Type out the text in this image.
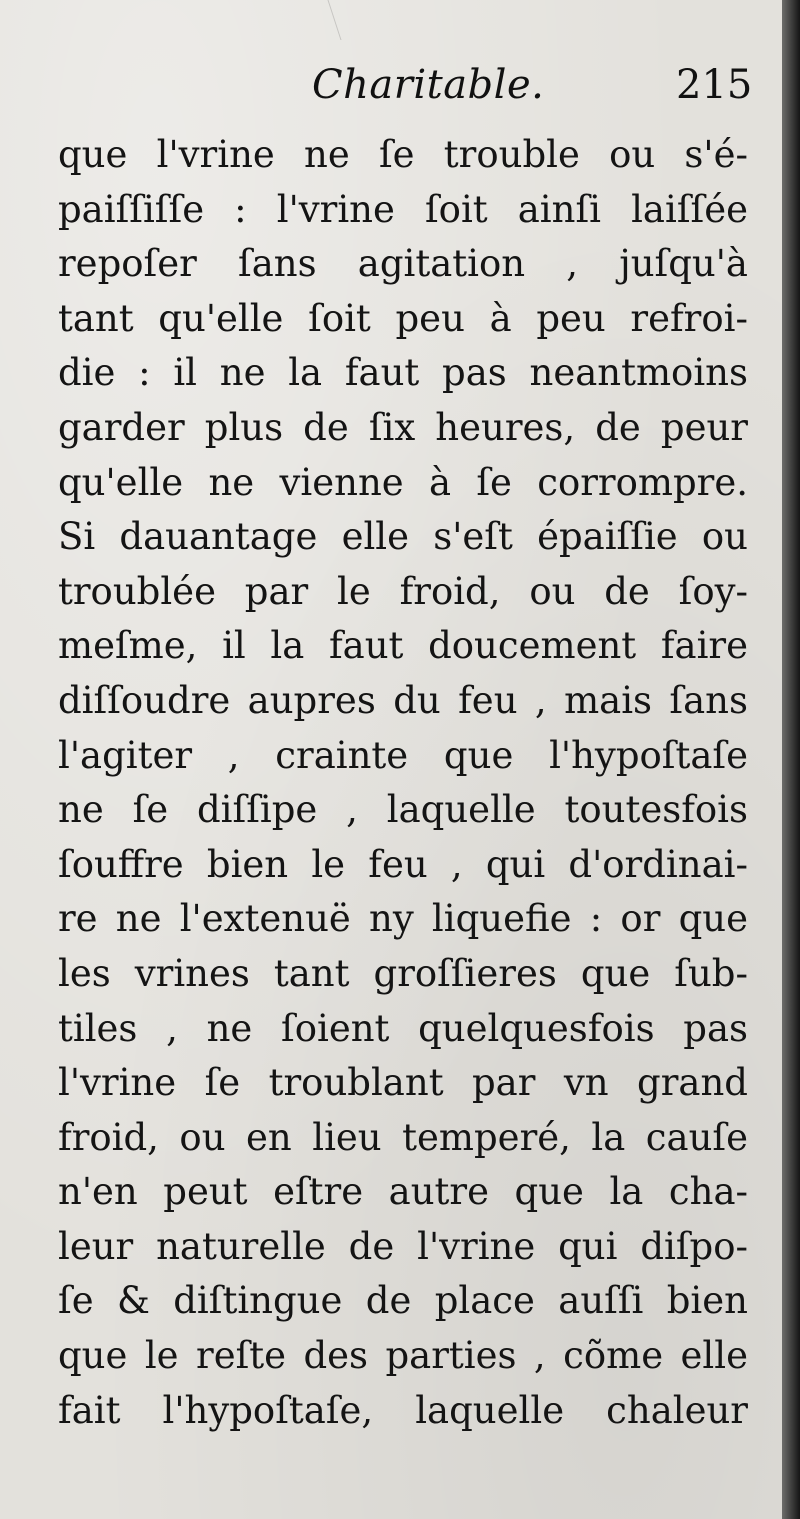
Charitable.	215
que l'vrine ne ſe trouble ou s'é-
paiſſiſſe : l'vrine ſoit ainſi laiſſée
repoſer ſans agitation , juſqu'à
tant qu'elle ſoit peu à peu refroi-
die : il ne la faut pas neantmoins
garder plus de ſix heures, de peur
qu'elle ne vienne à ſe corrompre.
Si dauantage elle s'eſt épaiſſie ou
troublée par le froid, ou de ſoy-
meſme, il la faut doucement faire
diſſoudre aupres du feu , mais ſans
l'agiter , crainte que l'hypoſtaſe
ne ſe diſſipe , laquelle toutesfois
ſouffre bien le feu , qui d'ordinai-
re ne l'extenuë ny liquefie : or que
les vrines tant groſſieres que ſub-
tiles , ne ſoient quelquesfois pas
l'vrine ſe troublant par vn grand
froid, ou en lieu temperé, la cauſe
n'en peut eſtre autre que la cha-
leur naturelle de l'vrine qui diſpo-
ſe & diſtingue de place auſſi bien
que le reſte des parties , cõme elle
fait l'hypoſtaſe, laquelle chaleur
